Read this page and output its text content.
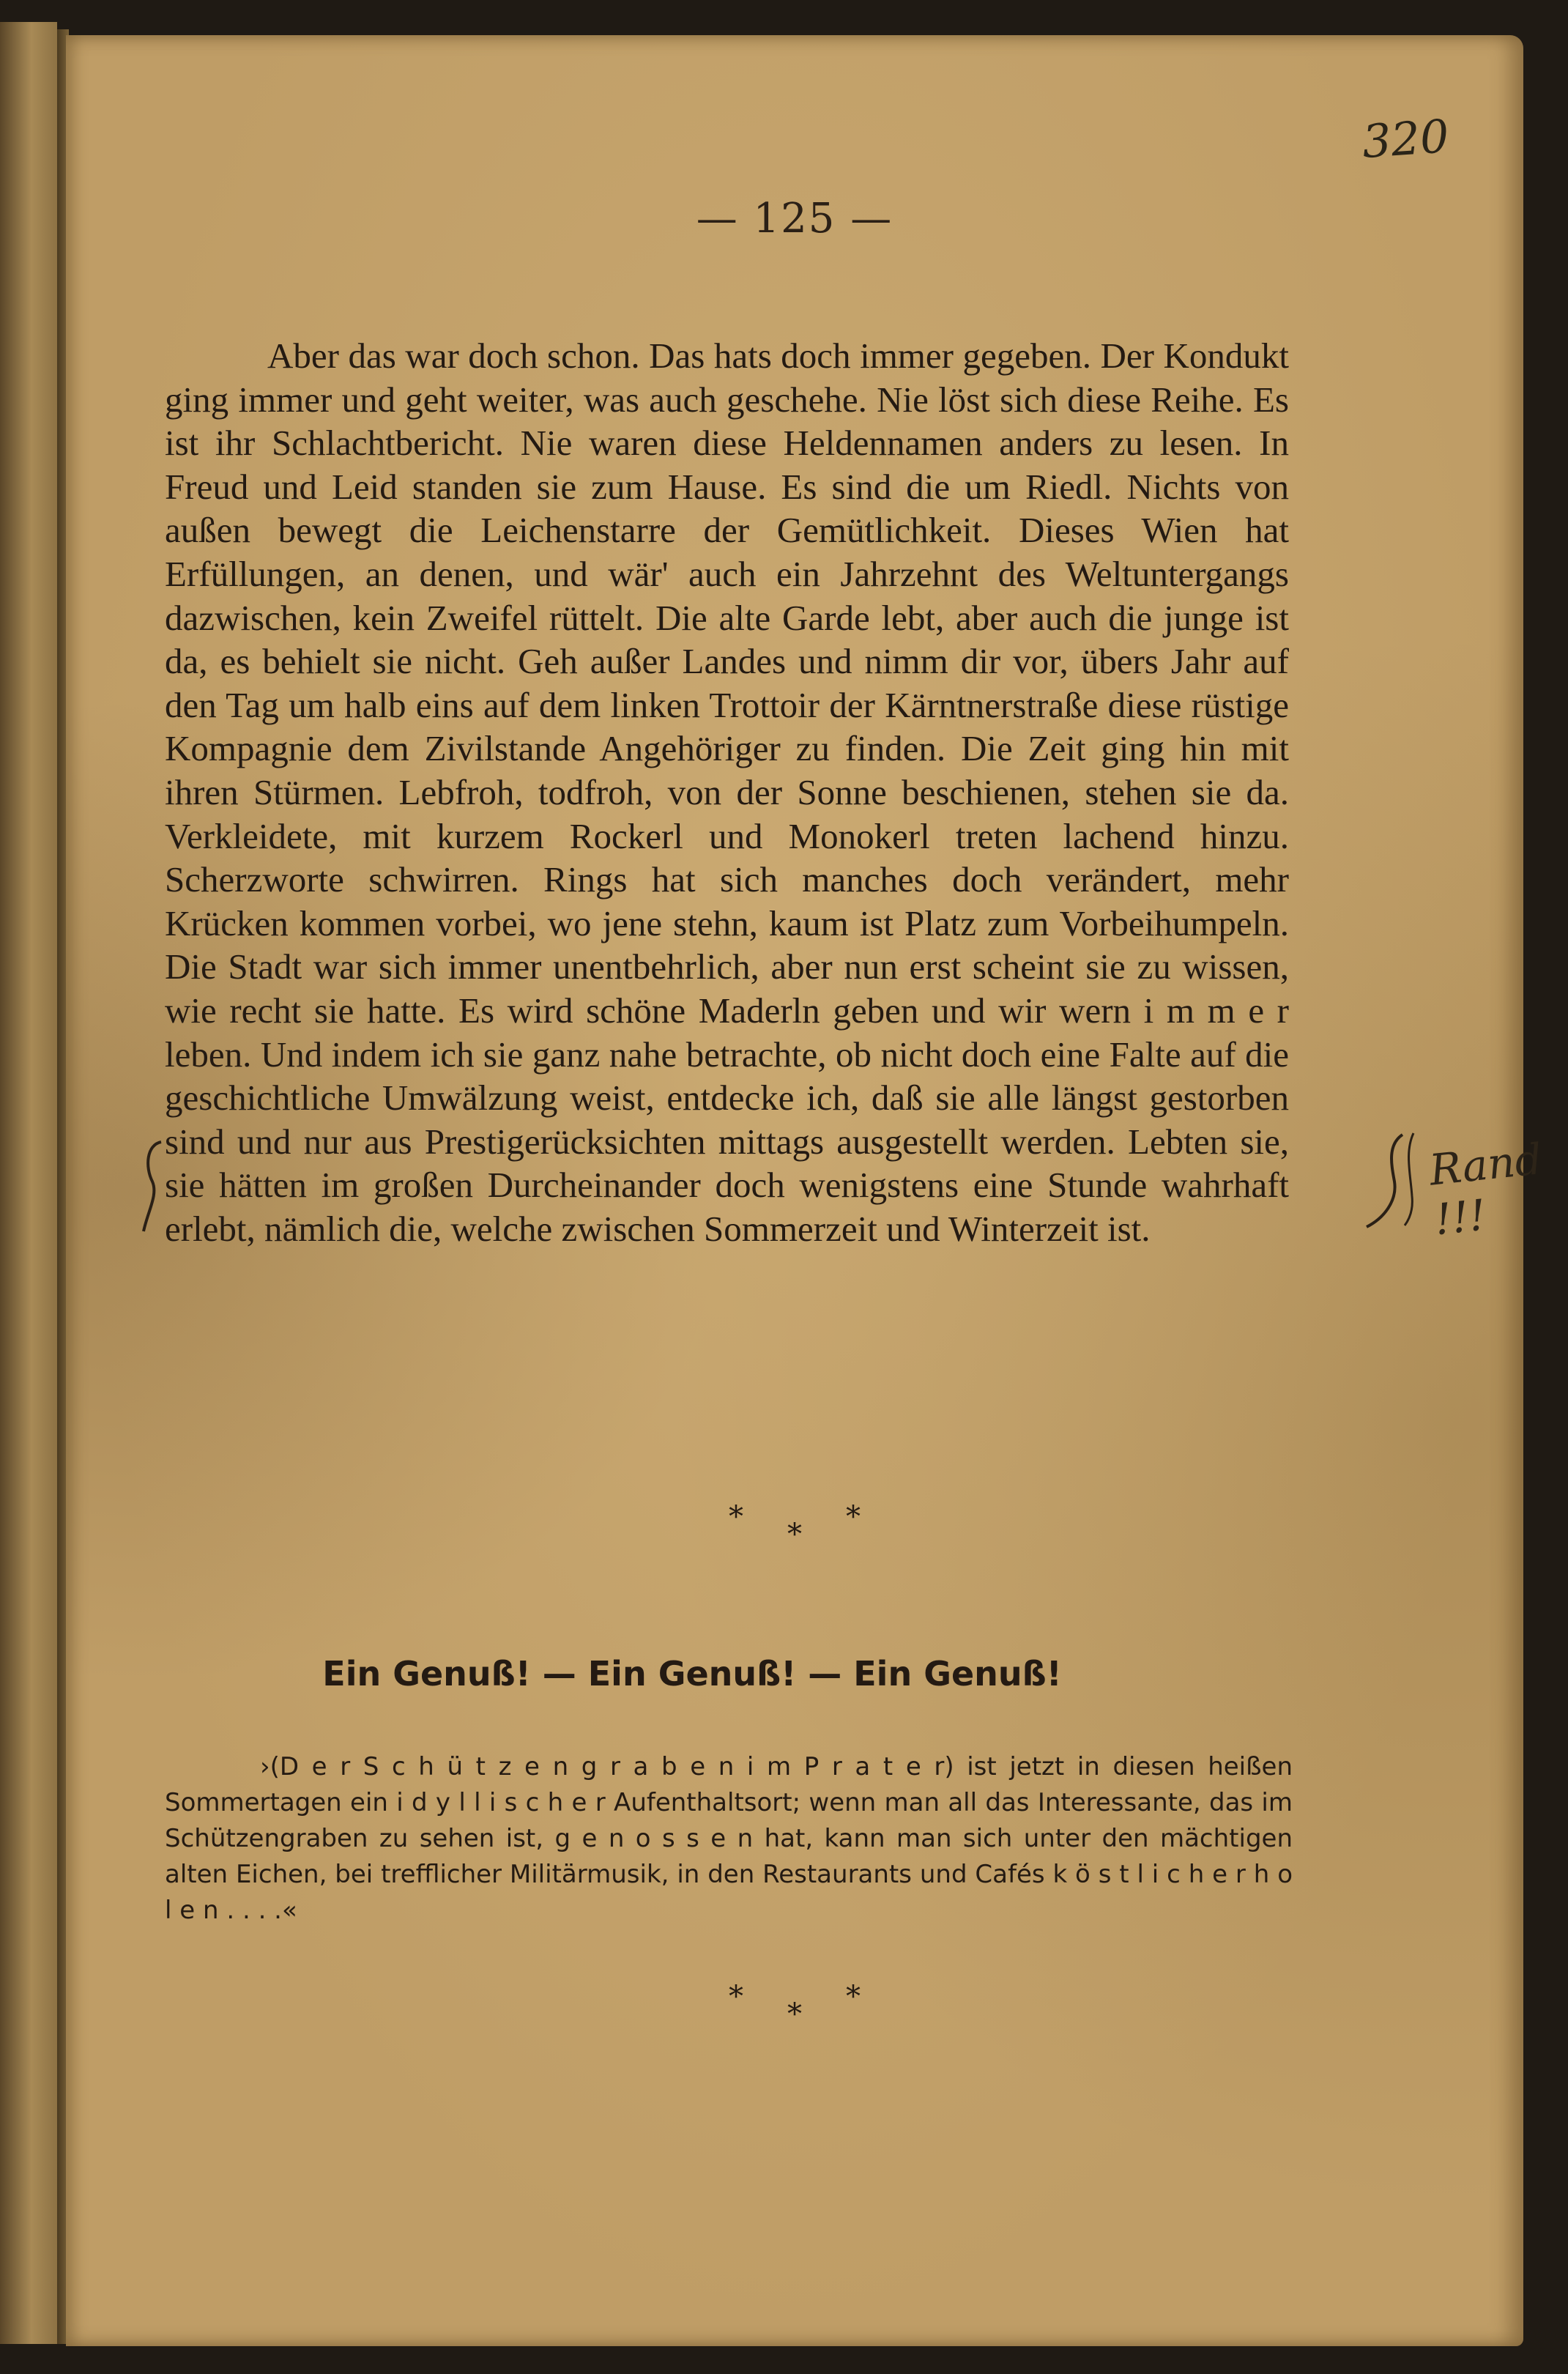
320
— 125 —

Aber das war doch schon. Das hats doch immer gegeben. Der Kondukt ging immer und geht weiter, was auch geschehe. Nie löst sich diese Reihe. Es ist ihr Schlachtbericht. Nie waren diese Heldennamen anders zu lesen. In Freud und Leid standen sie zum Hause. Es sind die um Riedl. Nichts von außen bewegt die Leichenstarre der Gemütlichkeit. Dieses Wien hat Erfüllungen, an denen, und wär' auch ein Jahrzehnt des Weltuntergangs dazwischen, kein Zweifel rüttelt. Die alte Garde lebt, aber auch die junge ist da, es behielt sie nicht. Geh außer Landes und nimm dir vor, übers Jahr auf den Tag um halb eins auf dem linken Trottoir der Kärntnerstraße diese rüstige Kompagnie dem Zivilstande Angehöriger zu finden. Die Zeit ging hin mit ihren Stürmen. Lebfroh, todfroh, von der Sonne beschienen, stehen sie da. Verkleidete, mit kurzem Rockerl und Monokerl treten lachend hinzu. Scherzworte schwirren. Rings hat sich manches doch verändert, mehr Krücken kommen vorbei, wo jene stehn, kaum ist Platz zum Vorbeihumpeln. Die Stadt war sich immer unentbehrlich, aber nun erst scheint sie zu wissen, wie recht sie hatte. Es wird schöne Maderln geben und wir wern i m m e r leben. Und indem ich sie ganz nahe betrachte, ob nicht doch eine Falte auf die geschichtliche Umwälzung weist, entdecke ich, daß sie alle längst gestorben sind und nur aus Prestigerücksichten mittags ausgestellt werden. Lebten sie, sie hätten im großen Durcheinander doch wenigstens eine Stunde wahrhaft erlebt, nämlich die, welche zwischen Sommerzeit und Winterzeit ist.

***
Ein Genuß! — Ein Genuß! — Ein Genuß!

›(D e r S c h ü t z e n g r a b e n i m P r a t e r) ist jetzt in diesen heißen Sommertagen ein i d y l l i s c h e r Aufenthaltsort; wenn man all das Interessante, das im Schützengraben zu sehen ist, g e n o s s e n hat, kann man sich unter den mächtigen alten Eichen, bei trefflicher Militärmusik, in den Restaurants und Cafés k ö s t l i c h e r h o l e n . . . .«

***
Rand !!!
